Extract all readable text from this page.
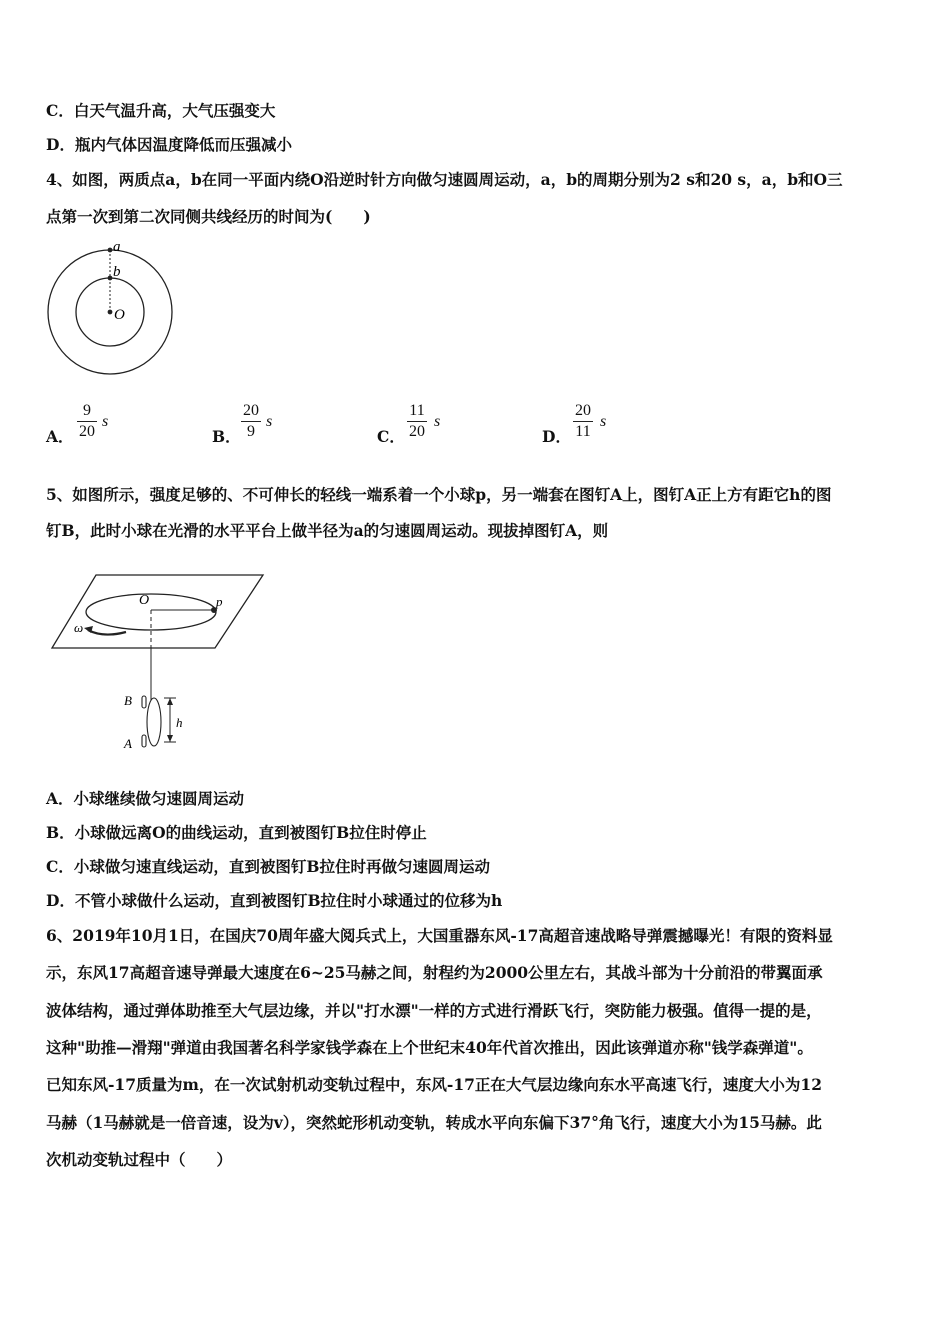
C．白天气温升高，大气压强变大
D．瓶内气体因温度降低而压强减小
4、如图，两质点a，b在同一平面内绕O沿逆时针方向做匀速圆周运动，a，b的周期分别为2 s和20 s，a，b和O三
点第一次到第二次同侧共线经历的时间为(　　)
a
b
O
A．
9
20
s
B．
20
9
s
C．
11
20
s
D．
20
11
s
5、如图所示，强度足够的、不可伸长的轻线一端系着一个小球p，另一端套在图钉A上，图钉A正上方有距它h的图
钉B，此时小球在光滑的水平平台上做半径为a的匀速圆周运动。现拔掉图钉A，则
O	p
ω
B
A
h
A．小球继续做匀速圆周运动
B．小球做远离O的曲线运动，直到被图钉B拉住时停止
C．小球做匀速直线运动，直到被图钉B拉住时再做匀速圆周运动
D．不管小球做什么运动，直到被图钉B拉住时小球通过的位移为h
6、2019年10月1日，在国庆70周年盛大阅兵式上，大国重器东风-17高超音速战略导弹震撼曝光！有限的资料显
示，东风17高超音速导弹最大速度在6~25马赫之间，射程约为2000公里左右，其战斗部为十分前沿的带翼面承
波体结构，通过弹体助推至大气层边缘，并以"打水漂"一样的方式进行滑跃飞行，突防能力极强。值得一提的是，
这种"助推—滑翔"弹道由我国著名科学家钱学森在上个世纪末40年代首次推出，因此该弹道亦称"钱学森弹道"。
已知东风-17质量为m，在一次试射机动变轨过程中，东风-17正在大气层边缘向东水平高速飞行，速度大小为12
马赫（1马赫就是一倍音速，设为v），突然蛇形机动变轨，转成水平向东偏下37°角飞行，速度大小为15马赫。此
次机动变轨过程中（　　）
